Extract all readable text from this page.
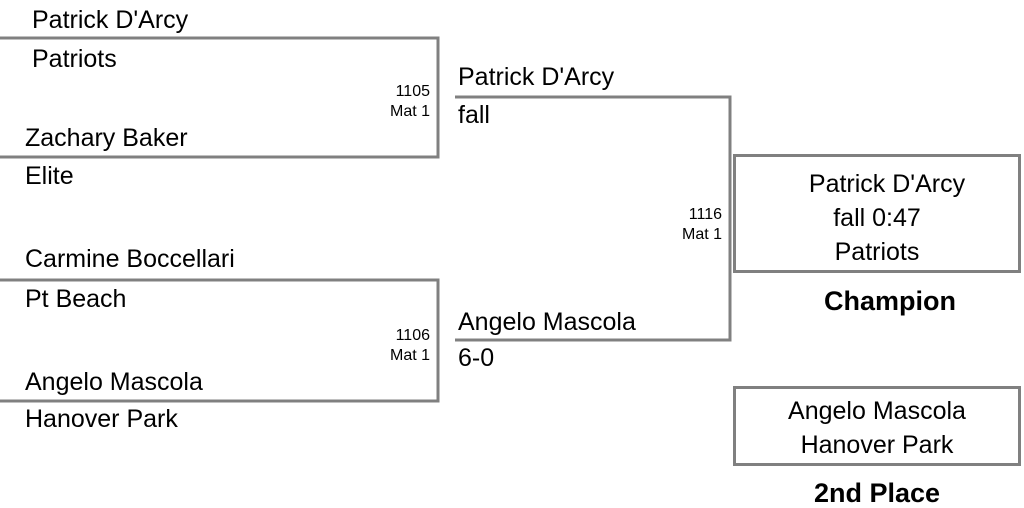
Patrick D'Arcy
Patriots
1105
Mat 1
Zachary Baker
Elite
Carmine Boccellari
Pt Beach
1106
Mat 1
Angelo Mascola
Hanover Park
Patrick D'Arcy
fall
1116
Mat 1
Angelo Mascola
6-0
Patrick D'Arcy
fall 0:47
Patriots
Champion
Angelo Mascola
Hanover Park
2nd Place
